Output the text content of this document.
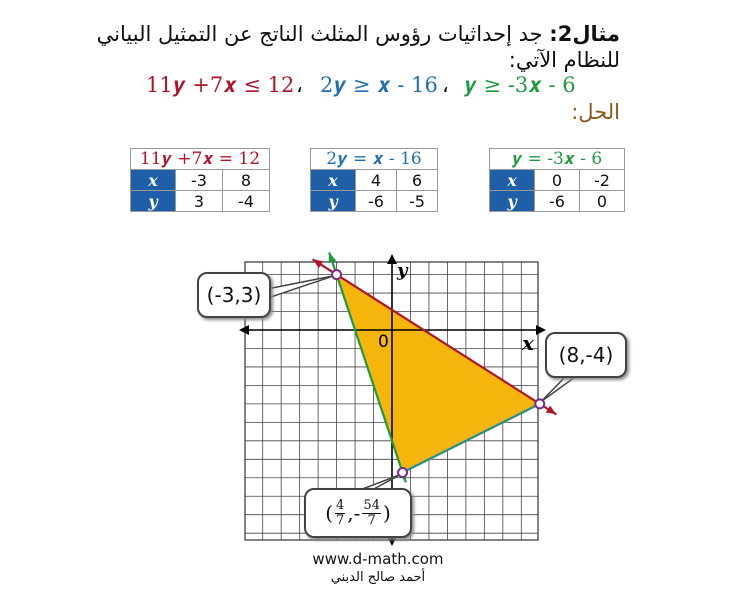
مثال2: جد إحداثيات رؤوس المثلث الناتج عن التمثيل البياني
للنظام الآتي:
11𝒚 +7𝒙 ≤ 12 ، 2𝒚 ≥ 𝒙 - 16 ، 𝒚 ≥ -3𝒙 - 6
الحل:
11𝒚 +7𝒙 = 12		
x	-3	8
y	3	-4
2𝒚 = 𝒙 - 16		
x	4	6
y	-6	-5
𝒚 = -3𝒙 - 6		
x	0	-2
y	-6	0
x
y
0
(-3,3)
(8,-4)
( $\frac{4}{7}$ ,- $\frac{54}{7}$ )
www.d-math.com
أحمد صالح الدبني
